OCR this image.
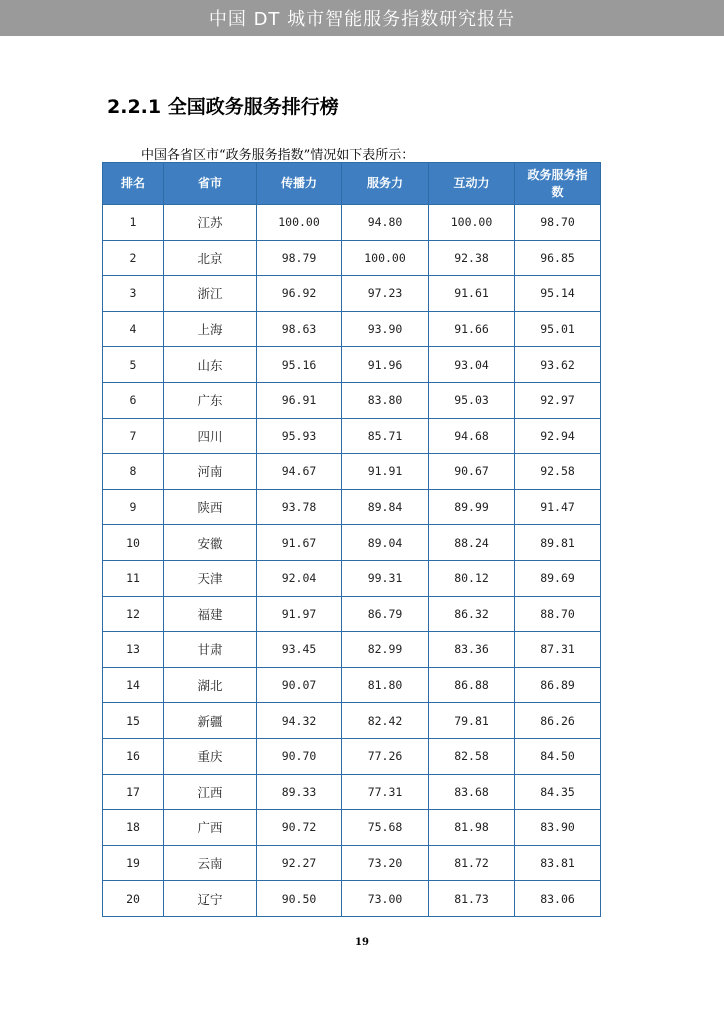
中国 DT 城市智能服务指数研究报告
2.2.1 全国政务服务排行榜
中国各省区市“政务服务指数”情况如下表所示：
排名	省市	传播力	服务力	互动力	政务服务指数
1	江苏	100.00	94.80	100.00	98.70
2	北京	98.79	100.00	92.38	96.85
3	浙江	96.92	97.23	91.61	95.14
4	上海	98.63	93.90	91.66	95.01
5	山东	95.16	91.96	93.04	93.62
6	广东	96.91	83.80	95.03	92.97
7	四川	95.93	85.71	94.68	92.94
8	河南	94.67	91.91	90.67	92.58
9	陕西	93.78	89.84	89.99	91.47
10	安徽	91.67	89.04	88.24	89.81
11	天津	92.04	99.31	80.12	89.69
12	福建	91.97	86.79	86.32	88.70
13	甘肃	93.45	82.99	83.36	87.31
14	湖北	90.07	81.80	86.88	86.89
15	新疆	94.32	82.42	79.81	86.26
16	重庆	90.70	77.26	82.58	84.50
17	江西	89.33	77.31	83.68	84.35
18	广西	90.72	75.68	81.98	83.90
19	云南	92.27	73.20	81.72	83.81
20	辽宁	90.50	73.00	81.73	83.06
19
